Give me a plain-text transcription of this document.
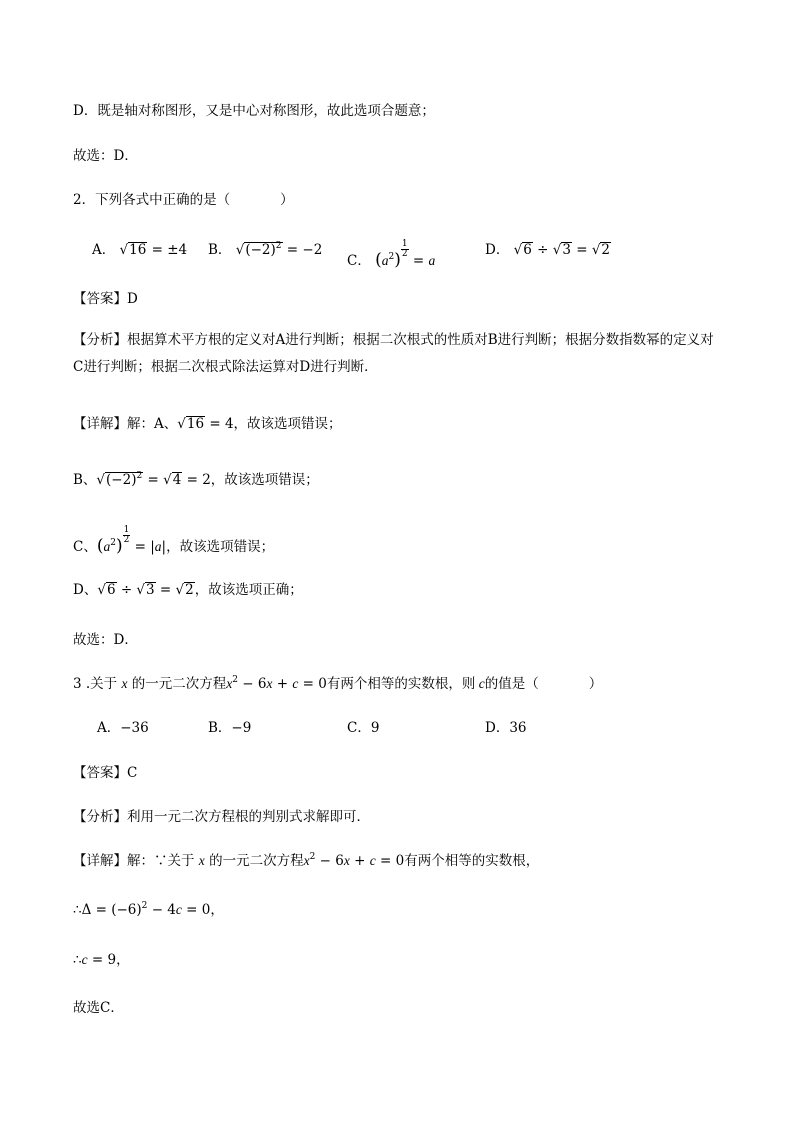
D．既是轴对称图形，又是中心对称图形，故此选项合题意；
故选：D．
2．下列各式中正确的是（	）
A． √16 = ±4 B． $√(-2)^2 = -2$
C． $(a^2)$
$\frac{1}{2}$
= a
D． √6 ÷ √3 = √2
【答案】D
【分析】根据算术平方根的定义对A进行判断；根据二次根式的性质对B进行判断；根据分数指数幂的定义对C进行判断；根据二次根式除法运算对D进行判断．
【详解】解：A、√16 = 4，故该选项错误；
B、$√(-2)^2 = √4 = 2$，故该选项错误；
C、$(a^2)$
$\frac{1}{2}$
= |a|，故该选项错误；
D、√6 ÷ √3 = √2，故该选项正确；
故选：D．
3 .关于 x 的一元二次方程$x^2 - 6x + c = 0$有两个相等的实数根，则 c的值是（	）
A．−36	B．−9	C．9	D．36
【答案】C
【分析】利用一元二次方程根的判别式求解即可．
【详解】解：∵关于 x 的一元二次方程$x^2 - 6x + c = 0$有两个相等的实数根，
∴Δ = $(-6)^2 - 4c = 0$，
∴c = 9，
故选C．
